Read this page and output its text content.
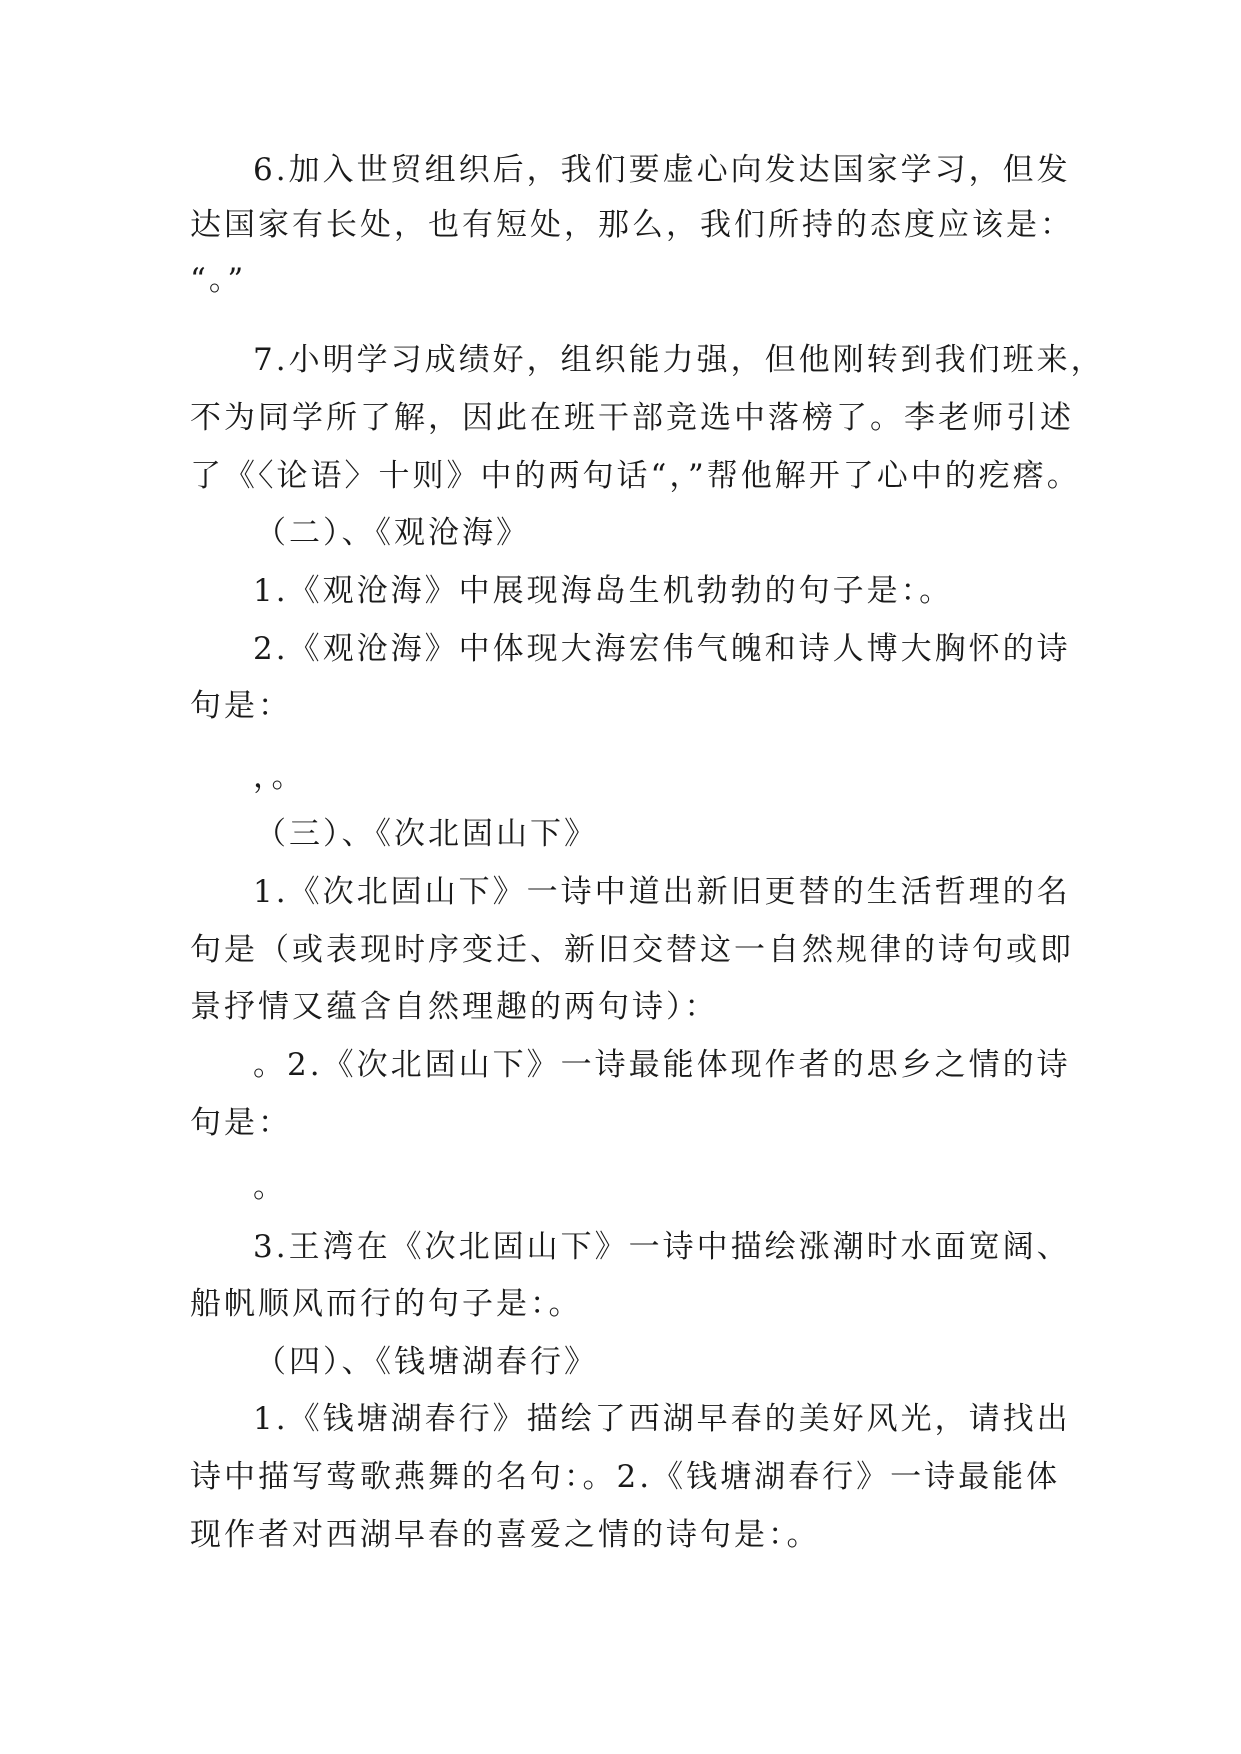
6.加入世贸组织后，我们要虚心向发达国家学习，但发
达国家有长处，也有短处，那么，我们所持的态度应该是：
“。”
7.小明学习成绩好，组织能力强，但他刚转到我们班来，
不为同学所了解，因此在班干部竞选中落榜了。李老师引述
了《〈论语〉十则》中的两句话“，”帮他解开了心中的疙瘩。
（二）、《观沧海》
1.《观沧海》中展现海岛生机勃勃的句子是：。
2.《观沧海》中体现大海宏伟气魄和诗人博大胸怀的诗
句是：
，。
（三）、《次北固山下》
1.《次北固山下》一诗中道出新旧更替的生活哲理的名
句是（或表现时序变迁、新旧交替这一自然规律的诗句或即
景抒情又蕴含自然理趣的两句诗）：
。2.《次北固山下》一诗最能体现作者的思乡之情的诗
句是：
。
3.王湾在《次北固山下》一诗中描绘涨潮时水面宽阔、
船帆顺风而行的句子是：。
（四）、《钱塘湖春行》
1.《钱塘湖春行》描绘了西湖早春的美好风光，请找出
诗中描写莺歌燕舞的名句：。2.《钱塘湖春行》一诗最能体
现作者对西湖早春的喜爱之情的诗句是：。
